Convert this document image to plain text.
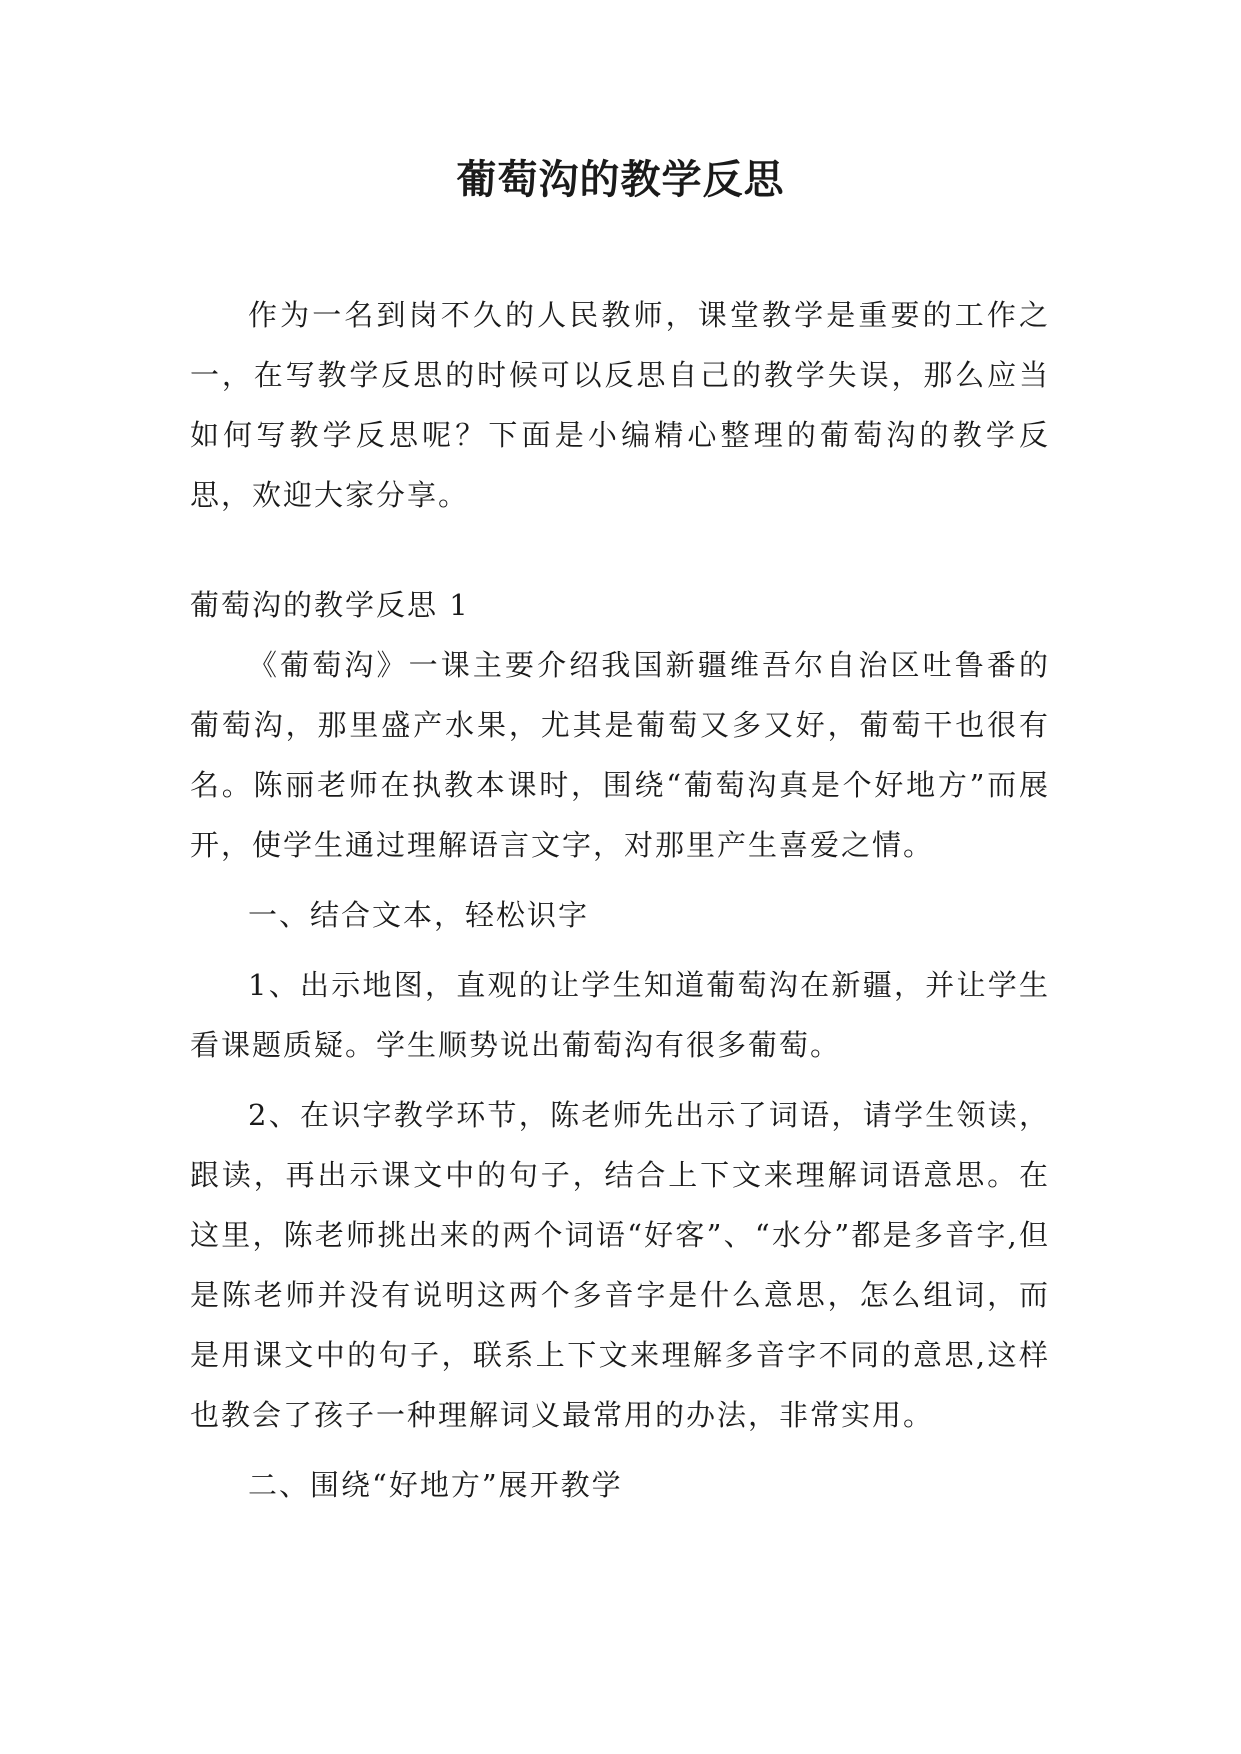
葡萄沟的教学反思

作为一名到岗不久的人民教师，课堂教学是重要的工作之一，在写教学反思的时候可以反思自己的教学失误，那么应当如何写教学反思呢？下面是小编精心整理的葡萄沟的教学反思，欢迎大家分享。

葡萄沟的教学反思 1

《葡萄沟》一课主要介绍我国新疆维吾尔自治区吐鲁番的葡萄沟，那里盛产水果，尤其是葡萄又多又好，葡萄干也很有名。陈丽老师在执教本课时，围绕“葡萄沟真是个好地方”而展开，使学生通过理解语言文字，对那里产生喜爱之情。

一、结合文本，轻松识字

1、出示地图，直观的让学生知道葡萄沟在新疆，并让学生看课题质疑。学生顺势说出葡萄沟有很多葡萄。

2、在识字教学环节，陈老师先出示了词语，请学生领读，跟读，再出示课文中的句子，结合上下文来理解词语意思。在这里，陈老师挑出来的两个词语“好客”、“水分”都是多音字,但是陈老师并没有说明这两个多音字是什么意思，怎么组词，而是用课文中的句子，联系上下文来理解多音字不同的意思,这样也教会了孩子一种理解词义最常用的办法，非常实用。

二、围绕“好地方”展开教学
